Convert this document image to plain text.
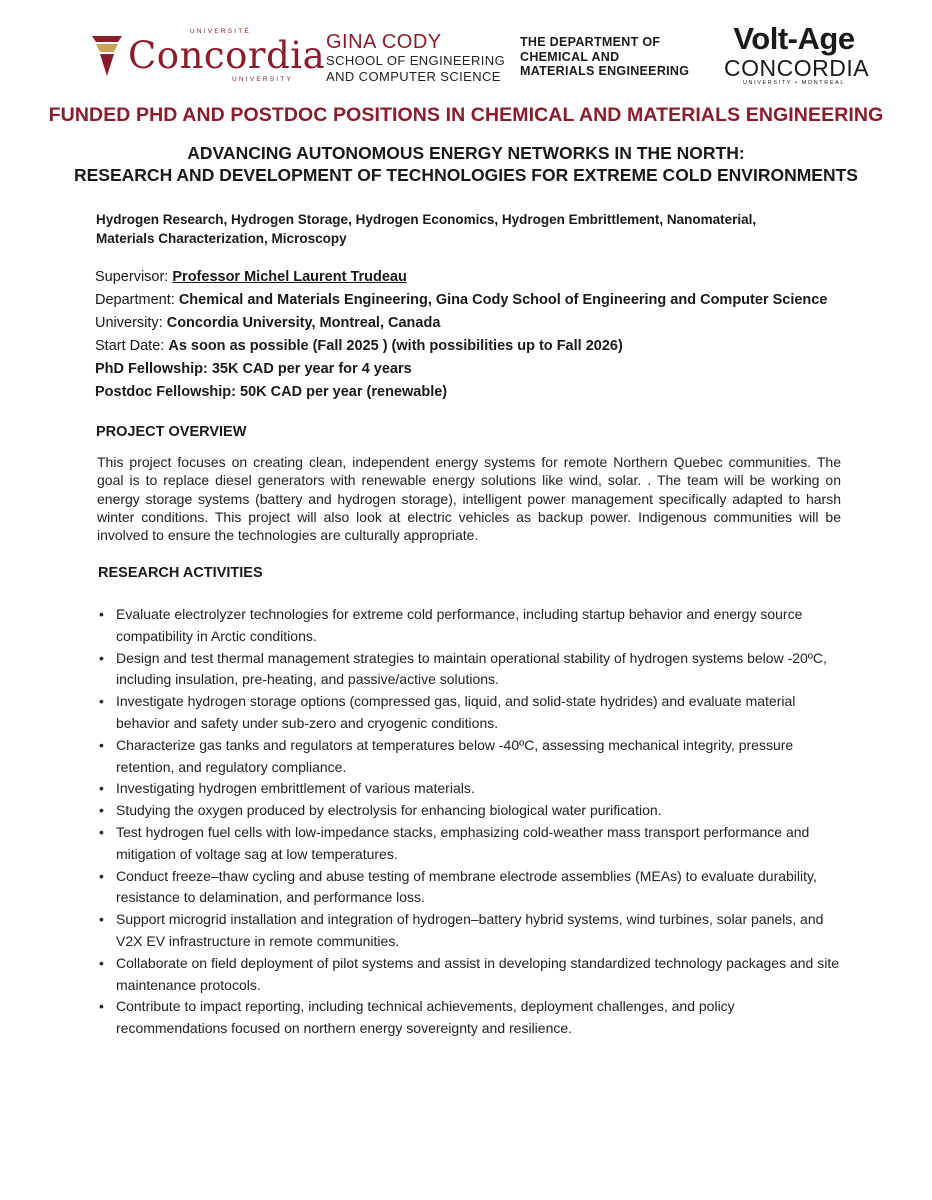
UNIVERSITÉ
Concordia
UNIVERSITY
GINA CODY
SCHOOL OF ENGINEERING
AND COMPUTER SCIENCE
THE DEPARTMENT OF
CHEMICAL AND
MATERIALS ENGINEERING
Volt-Age
CONCORDIA
UNIVERSITY • MONTREAL
FUNDED PHD AND POSTDOC POSITIONS IN CHEMICAL AND MATERIALS ENGINEERING
ADVANCING AUTONOMOUS ENERGY NETWORKS IN THE NORTH:
RESEARCH AND DEVELOPMENT OF TECHNOLOGIES FOR EXTREME COLD ENVIRONMENTS
Hydrogen Research, Hydrogen Storage, Hydrogen Economics, Hydrogen Embrittlement, Nanomaterial,
Materials Characterization, Microscopy
Supervisor: Professor Michel Laurent Trudeau
Department: Chemical and Materials Engineering, Gina Cody School of Engineering and Computer Science
University: Concordia University, Montreal, Canada
Start Date: As soon as possible (Fall 2025 ) (with possibilities up to Fall 2026)
PhD Fellowship: 35K CAD per year for 4 years
Postdoc Fellowship: 50K CAD per year (renewable)
PROJECT OVERVIEW
This project focuses on creating clean, independent energy systems for remote Northern Quebec communities. The goal is to replace diesel generators with renewable energy solutions like wind, solar. . The team will be working on energy storage systems (battery and hydrogen storage), intelligent power management specifically adapted to harsh winter conditions. This project will also look at electric vehicles as backup power. Indigenous communities will be involved to ensure the technologies are culturally appropriate.
RESEARCH ACTIVITIES
• Evaluate electrolyzer technologies for extreme cold performance, including startup behavior and energy source compatibility in Arctic conditions.
• Design and test thermal management strategies to maintain operational stability of hydrogen systems below -20ºC, including insulation, pre-heating, and passive/active solutions.
• Investigate hydrogen storage options (compressed gas, liquid, and solid-state hydrides) and evaluate material behavior and safety under sub-zero and cryogenic conditions.
• Characterize gas tanks and regulators at temperatures below -40ºC, assessing mechanical integrity, pressure retention, and regulatory compliance.
• Investigating hydrogen embrittlement of various materials.
• Studying the oxygen produced by electrolysis for enhancing biological water purification.
• Test hydrogen fuel cells with low-impedance stacks, emphasizing cold-weather mass transport performance and mitigation of voltage sag at low temperatures.
• Conduct freeze–thaw cycling and abuse testing of membrane electrode assemblies (MEAs) to evaluate durability, resistance to delamination, and performance loss.
• Support microgrid installation and integration of hydrogen–battery hybrid systems, wind turbines, solar panels, and V2X EV infrastructure in remote communities.
• Collaborate on field deployment of pilot systems and assist in developing standardized technology packages and site maintenance protocols.
• Contribute to impact reporting, including technical achievements, deployment challenges, and policy recommendations focused on northern energy sovereignty and resilience.
